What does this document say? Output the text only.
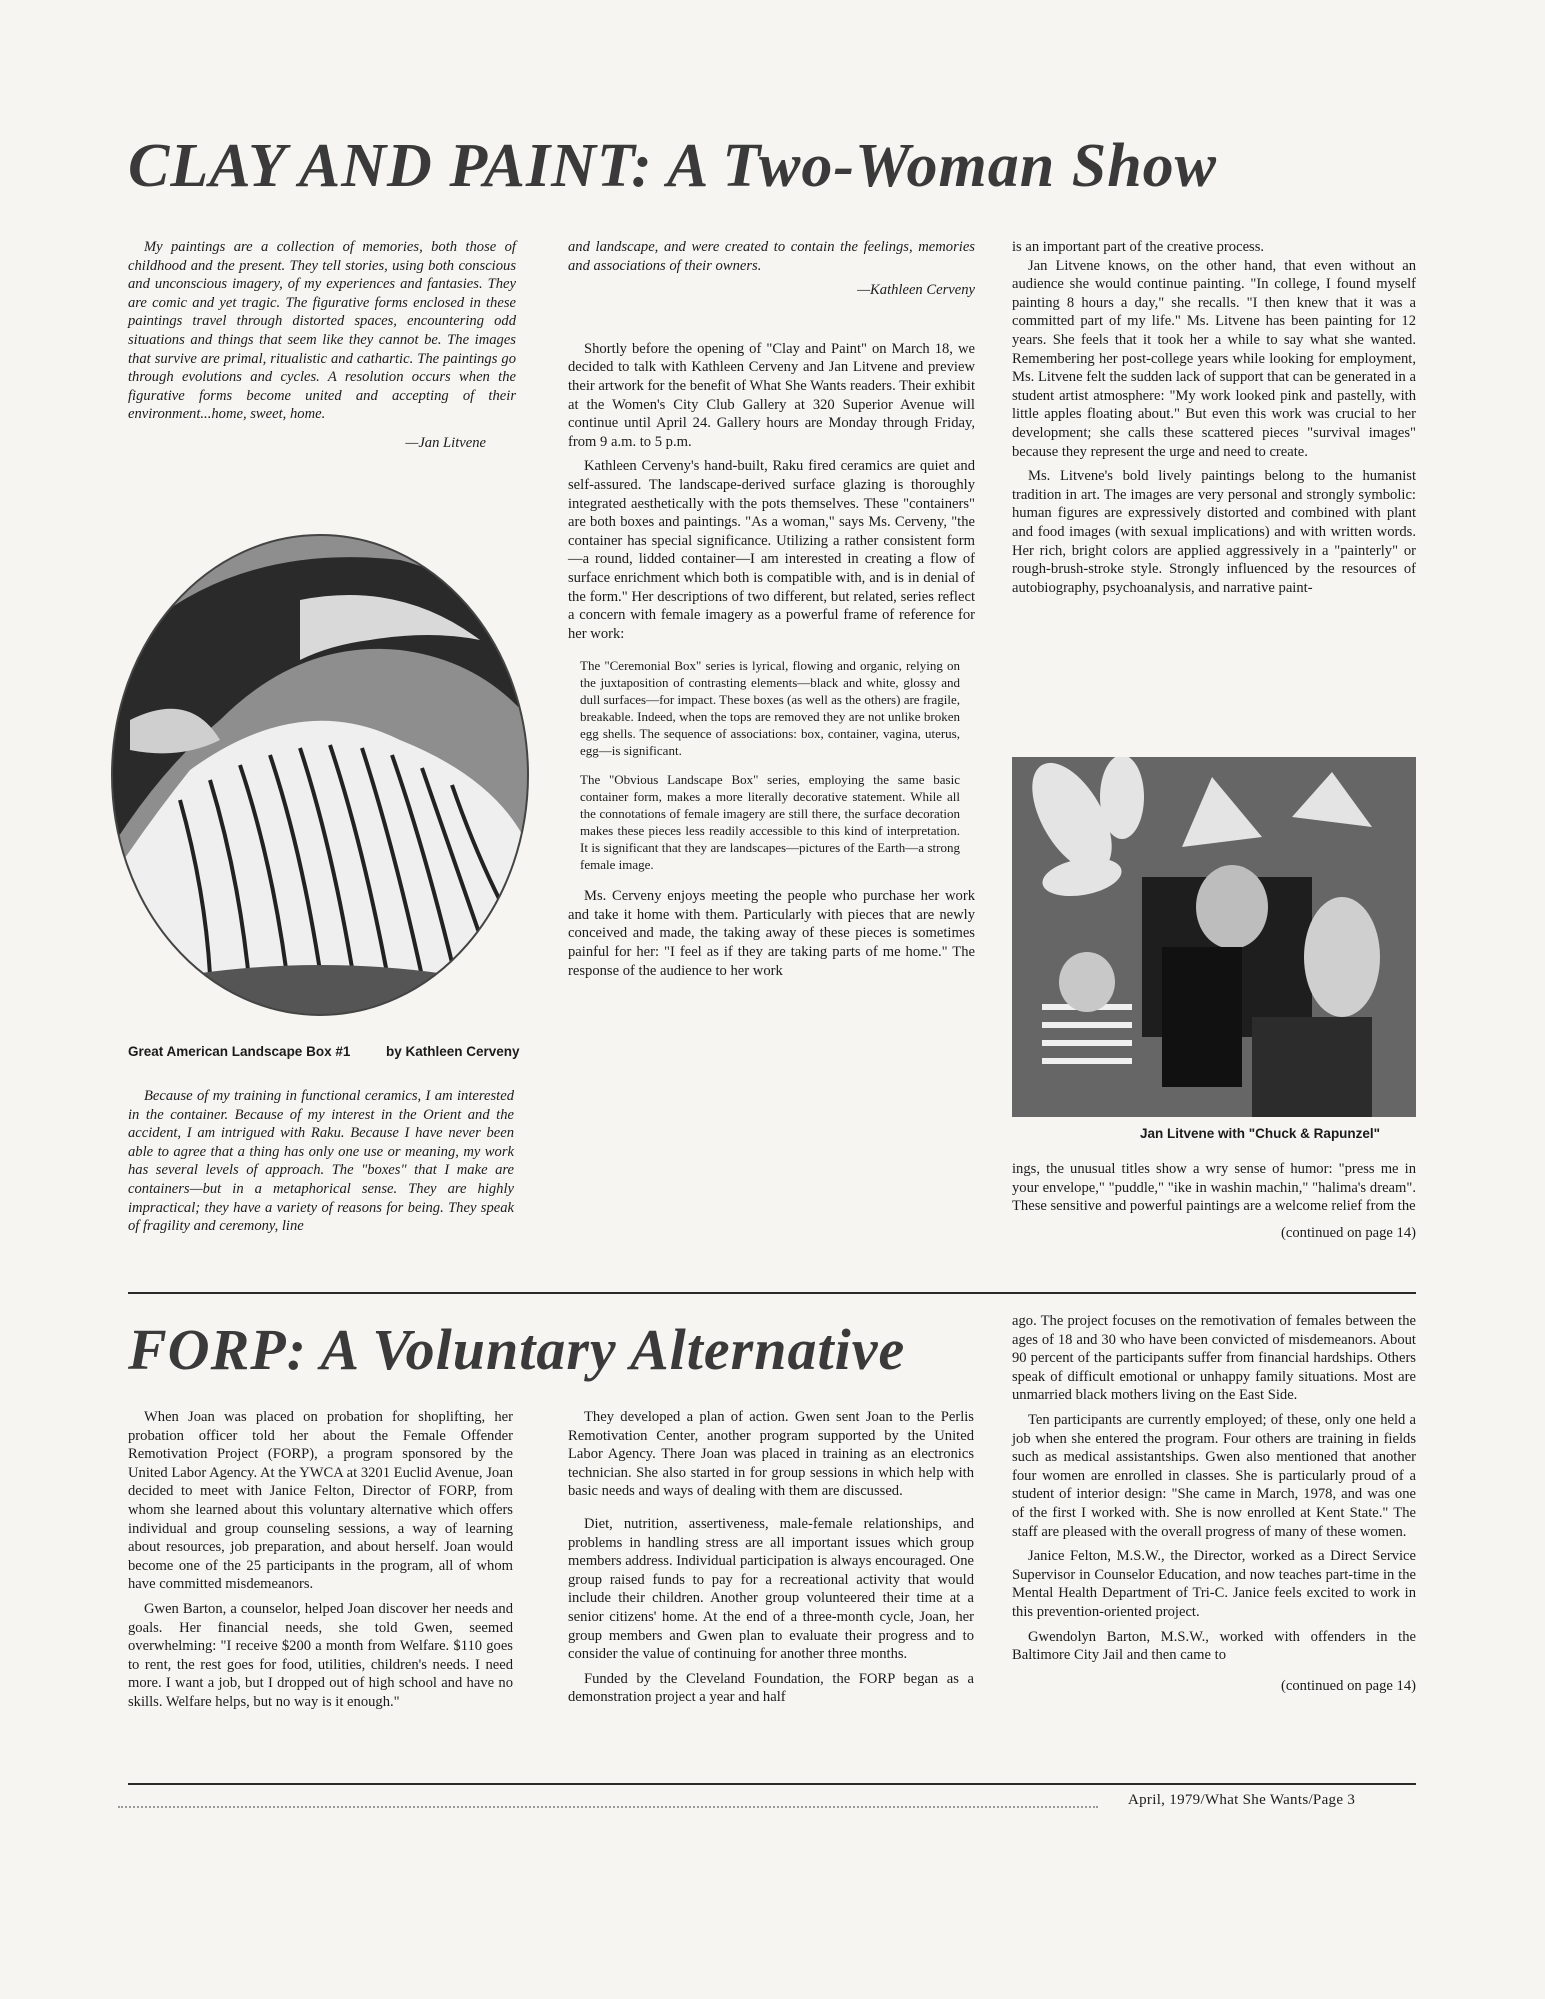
CLAY AND PAINT: A Two-Woman Show

My paintings are a collection of memories, both those of childhood and the present. They tell stories, using both conscious and unconscious imagery, of my experiences and fantasies. They are comic and yet tragic. The figurative forms enclosed in these paintings travel through distorted spaces, encountering odd situations and things that seem like they cannot be. The images that survive are primal, ritualistic and cathartic. The paintings go through evolutions and cycles. A resolution occurs when the figurative forms become united and accepting of their environment...home, sweet, home.

—Jan Litvene
Great American Landscape Box #1	by Kathleen Cerveny

Because of my training in functional ceramics, I am interested in the container. Because of my interest in the Orient and the accident, I am intrigued with Raku. Because I have never been able to agree that a thing has only one use or meaning, my work has several levels of approach. The "boxes" that I make are containers—but in a metaphorical sense. They are highly impractical; they have a variety of reasons for being. They speak of fragility and ceremony, line

and landscape, and were created to contain the feelings, memories and associations of their owners.

—Kathleen Cerveny

Shortly before the opening of "Clay and Paint" on March 18, we decided to talk with Kathleen Cerveny and Jan Litvene and preview their artwork for the benefit of What She Wants readers. Their exhibit at the Women's City Club Gallery at 320 Superior Avenue will continue until April 24. Gallery hours are Monday through Friday, from 9 a.m. to 5 p.m.

Kathleen Cerveny's hand-built, Raku fired ceramics are quiet and self-assured. The landscape-derived surface glazing is thoroughly integrated aesthetically with the pots themselves. These "containers" are both boxes and paintings. "As a woman," says Ms. Cerveny, "the container has special significance. Utilizing a rather consistent form—a round, lidded container—I am interested in creating a flow of surface enrichment which both is compatible with, and is in denial of the form." Her descriptions of two different, but related, series reflect a concern with female imagery as a powerful frame of reference for her work:

The "Ceremonial Box" series is lyrical, flowing and organic, relying on the juxtaposition of contrasting elements—black and white, glossy and dull surfaces—for impact. These boxes (as well as the others) are fragile, breakable. Indeed, when the tops are removed they are not unlike broken egg shells. The sequence of associations: box, container, vagina, uterus, egg—is significant.

The "Obvious Landscape Box" series, employing the same basic container form, makes a more literally decorative statement. While all the connotations of female imagery are still there, the surface decoration makes these pieces less readily accessible to this kind of interpretation. It is significant that they are landscapes—pictures of the Earth—a strong female image.

Ms. Cerveny enjoys meeting the people who purchase her work and take it home with them. Particularly with pieces that are newly conceived and made, the taking away of these pieces is sometimes painful for her: "I feel as if they are taking parts of me home." The response of the audience to her work

is an important part of the creative process.

Jan Litvene knows, on the other hand, that even without an audience she would continue painting. "In college, I found myself painting 8 hours a day," she recalls. "I then knew that it was a committed part of my life." Ms. Litvene has been painting for 12 years. She feels that it took her a while to say what she wanted. Remembering her post-college years while looking for employment, Ms. Litvene felt the sudden lack of support that can be generated in a student artist atmosphere: "My work looked pink and pastelly, with little apples floating about." But even this work was crucial to her development; she calls these scattered pieces "survival images" because they represent the urge and need to create.

Ms. Litvene's bold lively paintings belong to the humanist tradition in art. The images are very personal and strongly symbolic: human figures are expressively distorted and combined with plant and food images (with sexual implications) and with written words. Her rich, bright colors are applied aggressively in a "painterly" or rough-brush-stroke style. Strongly influenced by the resources of autobiography, psychoanalysis, and narrative paint-

Jan Litvene with "Chuck & Rapunzel"

ings, the unusual titles show a wry sense of humor: "press me in your envelope," "puddle," "ike in washin machin," "halima's dream". These sensitive and powerful paintings are a welcome relief from the

(continued on page 14)
FORP: A Voluntary Alternative

When Joan was placed on probation for shoplifting, her probation officer told her about the Female Offender Remotivation Project (FORP), a program sponsored by the United Labor Agency. At the YWCA at 3201 Euclid Avenue, Joan decided to meet with Janice Felton, Director of FORP, from whom she learned about this voluntary alternative which offers individual and group counseling sessions, a way of learning about resources, job preparation, and about herself. Joan would become one of the 25 participants in the program, all of whom have committed misdemeanors.

Gwen Barton, a counselor, helped Joan discover her needs and goals. Her financial needs, she told Gwen, seemed overwhelming: "I receive $200 a month from Welfare. $110 goes to rent, the rest goes for food, utilities, children's needs. I need more. I want a job, but I dropped out of high school and have no skills. Welfare helps, but no way is it enough."

They developed a plan of action. Gwen sent Joan to the Perlis Remotivation Center, another program supported by the United Labor Agency. There Joan was placed in training as an electronics technician. She also started in for group sessions in which help with basic needs and ways of dealing with them are discussed.

Diet, nutrition, assertiveness, male-female relationships, and problems in handling stress are all important issues which group members address. Individual participation is always encouraged. One group raised funds to pay for a recreational activity that would include their children. Another group volunteered their time at a senior citizens' home. At the end of a three-month cycle, Joan, her group members and Gwen plan to evaluate their progress and to consider the value of continuing for another three months.

Funded by the Cleveland Foundation, the FORP began as a demonstration project a year and half

ago. The project focuses on the remotivation of females between the ages of 18 and 30 who have been convicted of misdemeanors. About 90 percent of the participants suffer from financial hardships. Others speak of difficult emotional or unhappy family situations. Most are unmarried black mothers living on the East Side.

Ten participants are currently employed; of these, only one held a job when she entered the program. Four others are training in fields such as medical assistantships. Gwen also mentioned that another four women are enrolled in classes. She is particularly proud of a student of interior design: "She came in March, 1978, and was one of the first I worked with. She is now enrolled at Kent State." The staff are pleased with the overall progress of many of these women.

Janice Felton, M.S.W., the Director, worked as a Direct Service Supervisor in Counselor Education, and now teaches part-time in the Mental Health Department of Tri-C. Janice feels excited to work in this prevention-oriented project.

Gwendolyn Barton, M.S.W., worked with offenders in the Baltimore City Jail and then came to

(continued on page 14)
April, 1979/What She Wants/Page 3
